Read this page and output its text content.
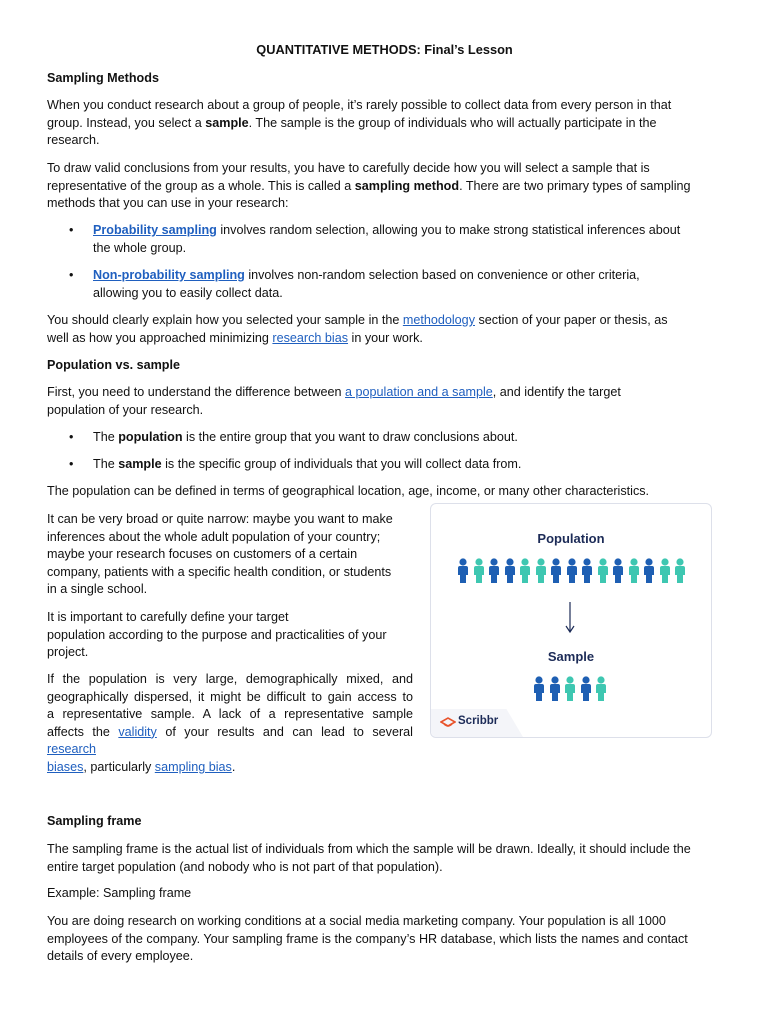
QUANTITATIVE METHODS: Final’s Lesson

Sampling Methods

When you conduct research about a group of people, it’s rarely possible to collect data from every person in that

group. Instead, you select a sample. The sample is the group of individuals who will actually participate in the

research.

To draw valid conclusions from your results, you have to carefully decide how you will select a sample that is

representative of the group as a whole. This is called a sampling method. There are two primary types of sampling

methods that you can use in your research:

• Probability sampling involves random selection, allowing you to make strong statistical inferences about
the whole group.
• Non-probability sampling involves non-random selection based on convenience or other criteria,
allowing you to easily collect data.

You should clearly explain how you selected your sample in the methodology section of your paper or thesis, as

well as how you approached minimizing research bias in your work.

Population vs. sample

First, you need to understand the difference between a population and a sample, and identify the target

population of your research.

• The population is the entire group that you want to draw conclusions about.
• The sample is the specific group of individuals that you will collect data from.

The population can be defined in terms of geographical location, age, income, or many other characteristics.

It can be very broad or quite narrow: maybe you want to make

inferences about the whole adult population of your country;

maybe your research focuses on customers of a certain

company, patients with a specific health condition, or students

in a single school.

It is important to carefully define your target

population according to the purpose and practicalities of your

project.

If the population is very large, demographically mixed, and

geographically dispersed, it might be difficult to gain access to

a representative sample. A lack of a representative sample

affects the validity of your results and can lead to several

research

biases, particularly sampling bias.

Sampling frame

The sampling frame is the actual list of individuals from which the sample will be drawn. Ideally, it should include the

entire target population (and nobody who is not part of that population).

Example: Sampling frame

You are doing research on working conditions at a social media marketing company. Your population is all 1000

employees of the company. Your sampling frame is the company’s HR database, which lists the names and contact

details of every employee.

Population
Sample
Scribbr
